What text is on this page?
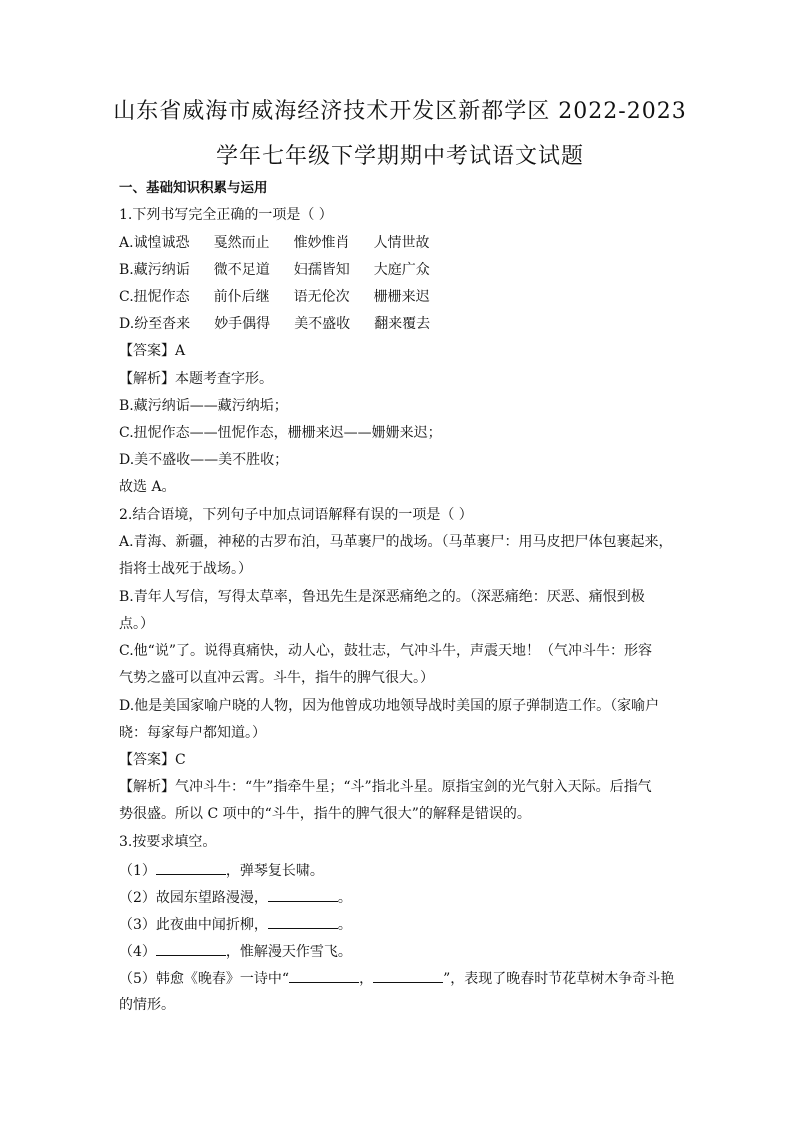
山东省威海市威海经济技术开发区新都学区 2022-2023
学年七年级下学期期中考试语文试题
一、基础知识积累与运用
1.下列书写完全正确的一项是（ ）
A.诚惶诚恐 戛然而止 惟妙惟肖 人情世故
B.藏污纳诟 微不足道 妇孺皆知 大庭广众
C.扭怩作态 前仆后继 语无伦次 栅栅来迟
D.纷至沓来 妙手偶得 美不盛收 翻来覆去
【答案】A
【解析】本题考查字形。
B.藏污纳诟——藏污纳垢；
C.扭怩作态——忸怩作态，栅栅来迟——姗姗来迟；
D.美不盛收——美不胜收；
故选 A。
2.结合语境，下列句子中加点词语解释有误的一项是（ ）
A.青海、新疆，神秘的古罗布泊，马革裹尸的战场。（马革裹尸：用马皮把尸体包裹起来，
指将士战死于战场。）
B.青年人写信，写得太草率，鲁迅先生是深恶痛绝之的。（深恶痛绝：厌恶、痛恨到极
点。）
C.他“说”了。说得真痛快，动人心，鼓壮志，气冲斗牛，声震天地！（气冲斗牛：形容
气势之盛可以直冲云霄。斗牛，指牛的脾气很大。）
D.他是美国家喻户晓的人物，因为他曾成功地领导战时美国的原子弹制造工作。（家喻户
晓：每家每户都知道。）
【答案】C
【解析】气冲斗牛：“牛”指牵牛星；“斗”指北斗星。原指宝剑的光气射入天际。后指气
势很盛。所以 C 项中的“斗牛，指牛的脾气很大”的解释是错误的。
3.按要求填空。
（1）	，弹琴复长啸。
（2）故园东望路漫漫，	。
（3）此夜曲中闻折柳，	。
（4）	，惟解漫天作雪飞。
（5）韩愈《晚春》一诗中“	，	”，表现了晚春时节花草树木争奇斗艳
的情形。
